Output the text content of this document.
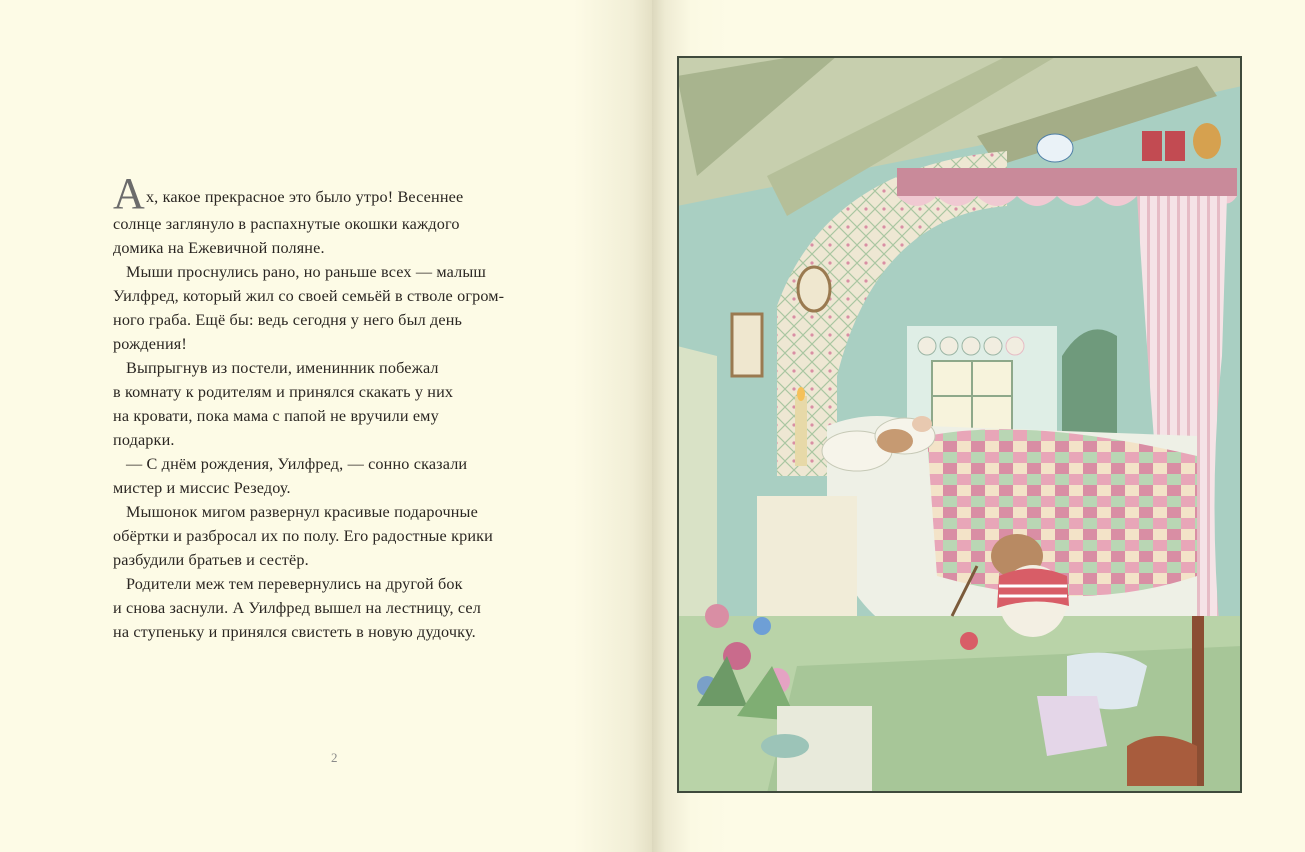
А х, какое прекрасное это было утро! Весеннее
солнце заглянуло в распахнутые окошки каждого
домика на Ежевичной поляне.
Мыши проснулись рано, но раньше всех — малыш
Уилфред, который жил со своей семьёй в стволе огром-
ного граба. Ещё бы: ведь сегодня у него был день
рождения!
Выпрыгнув из постели, именинник побежал
в комнату к родителям и принялся скакать у них
на кровати, пока мама с папой не вручили ему
подарки.
— С днём рождения, Уилфред, — сонно сказали
мистер и миссис Резедоу.
Мышонок мигом развернул красивые подарочные
обёртки и разбросал их по полу. Его радостные крики
разбудили братьев и сестёр.
Родители меж тем перевернулись на другой бок
и снова заснули. А Уилфред вышел на лестницу, сел
на ступеньку и принялся свистеть в новую дудочку.
2
